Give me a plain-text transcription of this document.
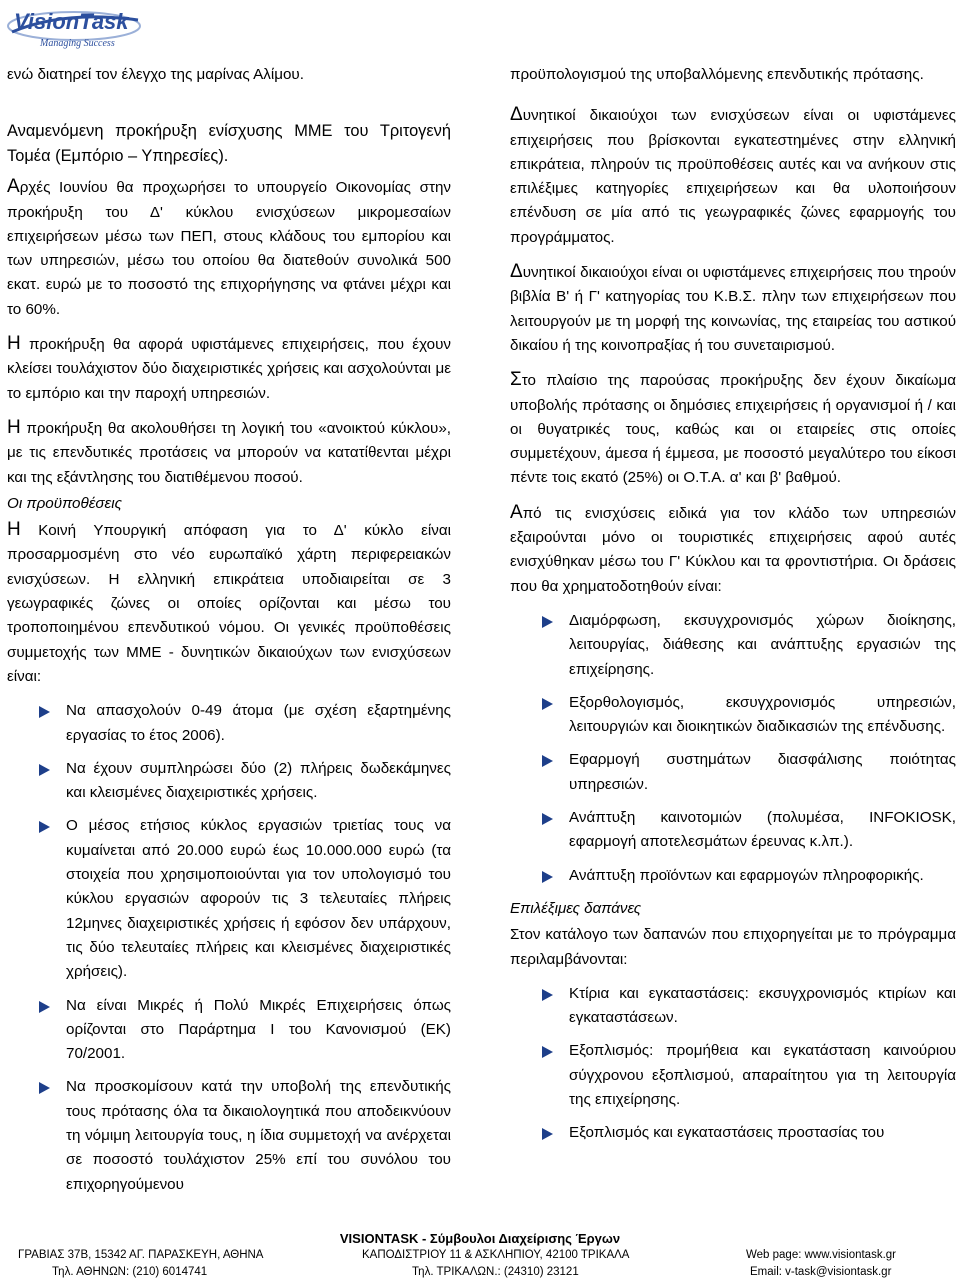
VisionTask
Managing Success

ενώ διατηρεί τον έλεγχο της μαρίνας Αλίμου.

Αναμενόμενη προκήρυξη ενίσχυσης ΜΜΕ του Τριτογενή Τομέα (Εμπόριο – Υπηρεσίες).

Αρχές Ιουνίου θα προχωρήσει το υπουργείο Οικονομίας στην προκήρυξη του Δ' κύκλου ενισχύσεων μικρομεσαίων επιχειρήσεων μέσω των ΠΕΠ, στους κλάδους του εμπορίου και των υπηρεσιών, μέσω του οποίου θα διατεθούν συνολικά 500 εκατ. ευρώ με το ποσοστό της επιχορήγησης να φτάνει μέχρι και το 60%.

Η προκήρυξη θα αφορά υφιστάμενες επιχειρήσεις, που έχουν κλείσει τουλάχιστον δύο διαχειριστικές χρήσεις και ασχολούνται με το εμπόριο και την παροχή υπηρεσιών.

Η προκήρυξη θα ακολουθήσει τη λογική του «ανοικτού κύκλου», με τις επενδυτικές προτάσεις να μπορούν να κατατίθενται μέχρι και της εξάντλησης του διατιθέμενου ποσού.

Οι προϋποθέσεις

Η Κοινή Υπουργική απόφαση για το Δ' κύκλο είναι προσαρμοσμένη στο νέο ευρωπαϊκό χάρτη περιφερειακών ενισχύσεων. Η ελληνική επικράτεια υποδιαιρείται σε 3 γεωγραφικές ζώνες οι οποίες ορίζονται και μέσω του τροποποιημένου επενδυτικού νόμου. Οι γενικές προϋποθέσεις συμμετοχής των ΜΜΕ - δυνητικών δικαιούχων των ενισχύσεων είναι:

Να απασχολούν 0-49 άτομα (με σχέση εξαρτημένης εργασίας το έτος 2006).
Να έχουν συμπληρώσει δύο (2) πλήρεις δωδεκάμηνες και κλεισμένες διαχειριστικές χρήσεις.
Ο μέσος ετήσιος κύκλος εργασιών τριετίας τους να κυμαίνεται από 20.000 ευρώ έως 10.000.000 ευρώ (τα στοιχεία που χρησιμοποιούνται για τον υπολογισμό του κύκλου εργασιών αφορούν τις 3 τελευταίες πλήρεις 12μηνες διαχειριστικές χρήσεις ή εφόσον δεν υπάρχουν, τις δύο τελευταίες πλήρεις και κλεισμένες διαχειριστικές χρήσεις).
Να είναι Μικρές ή Πολύ Μικρές Επιχειρήσεις όπως ορίζονται στο Παράρτημα Ι του Κανονισμού (ΕΚ) 70/2001.
Να προσκομίσουν κατά την υποβολή της επενδυτικής τους πρότασης όλα τα δικαιολογητικά που αποδεικνύουν τη νόμιμη λειτουργία τους, η ίδια συμμετοχή να ανέρχεται σε ποσοστό τουλάχιστον 25% επί του συνόλου του επιχορηγούμενου

προϋπολογισμού της υποβαλλόμενης επενδυτικής πρότασης.

Δυνητικοί δικαιούχοι των ενισχύσεων είναι οι υφιστάμενες επιχειρήσεις που βρίσκονται εγκατεστημένες στην ελληνική επικράτεια, πληρούν τις προϋποθέσεις αυτές και να ανήκουν στις επιλέξιμες κατηγορίες επιχειρήσεων και θα υλοποιήσουν επένδυση σε μία από τις γεωγραφικές ζώνες εφαρμογής του προγράμματος.

Δυνητικοί δικαιούχοι είναι οι υφιστάμενες επιχειρήσεις που τηρούν βιβλία Β' ή Γ' κατηγορίας του Κ.Β.Σ. πλην των επιχειρήσεων που λειτουργούν με τη μορφή της κοινωνίας, της εταιρείας του αστικού δικαίου ή της κοινοπραξίας ή του συνεταιρισμού.

Στο πλαίσιο της παρούσας προκήρυξης δεν έχουν δικαίωμα υποβολής πρότασης οι δημόσιες επιχειρήσεις ή οργανισμοί ή / και οι θυγατρικές τους, καθώς και οι εταιρείες στις οποίες συμμετέχουν, άμεσα ή έμμεσα, με ποσοστό μεγαλύτερο του είκοσι πέντε τοις εκατό (25%) οι Ο.Τ.Α. α' και β' βαθμού.

Από τις ενισχύσεις ειδικά για τον κλάδο των υπηρεσιών εξαιρούνται μόνο οι τουριστικές επιχειρήσεις αφού αυτές ενισχύθηκαν μέσω του Γ' Κύκλου και τα φροντιστήρια. Οι δράσεις που θα χρηματοδοτηθούν είναι:

Διαμόρφωση, εκσυγχρονισμός χώρων διοίκησης, λειτουργίας, διάθεσης και ανάπτυξης εργασιών της επιχείρησης.
Εξορθολογισμός, εκσυγχρονισμός υπηρεσιών, λειτουργιών και διοικητικών διαδικασιών της επένδυσης.
Εφαρμογή συστημάτων διασφάλισης ποιότητας υπηρεσιών.
Ανάπτυξη καινοτομιών (πολυμέσα, INFOKIOSK, εφαρμογή αποτελεσμάτων έρευνας κ.λπ.).
Ανάπτυξη προϊόντων και εφαρμογών πληροφορικής.

Επιλέξιμες δαπάνες

Στον κατάλογο των δαπανών που επιχορηγείται με το πρόγραμμα περιλαμβάνονται:

Κτίρια και εγκαταστάσεις: εκσυγχρονισμός κτιρίων και εγκαταστάσεων.
Εξοπλισμός: προμήθεια και εγκατάσταση καινούριου σύγχρονου εξοπλισμού, απαραίτητου για τη λειτουργία της επιχείρησης.
Εξοπλισμός και εγκαταστάσεις προστασίας του
VISIONTASK - Σύμβουλοι Διαχείρισης Έργων
ΓΡΑΒΙΑΣ 37Β, 15342 ΑΓ. ΠΑΡΑΣΚΕΥΗ, ΑΘΗΝΑ	ΚΑΠΟΔΙΣΤΡΙΟΥ 11 & ΑΣΚΛΗΠΙΟΥ, 42100 ΤΡΙΚΑΛΑ	Web page: www.visiontask.gr
Τηλ. ΑΘΗΝΩΝ: (210) 6014741	Τηλ. ΤΡΙΚΑΛΩΝ.: (24310) 23121	Email: v-task@visiontask.gr
